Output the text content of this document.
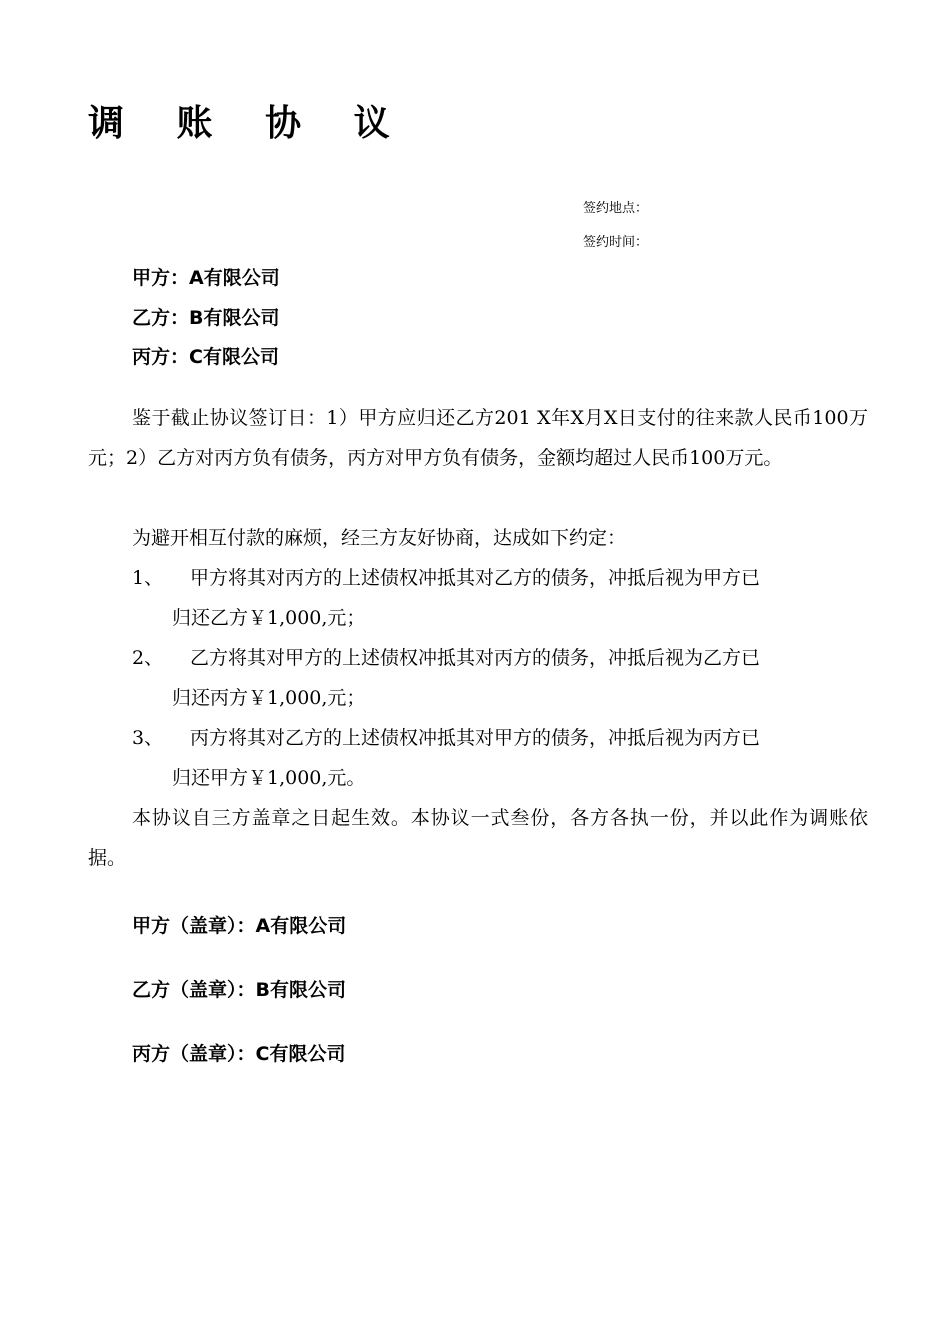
调 账 协 议
签约地点：
签约时间：
甲方：A有限公司
乙方：B有限公司
丙方：C有限公司
鉴于截止协议签订日：1）甲方应归还乙方201 X年X月X日支付的往来款人民币100万元；2）乙方对丙方负有债务，丙方对甲方负有债务，金额均超过人民币100万元。
为避开相互付款的麻烦，经三方友好协商，达成如下约定：
1、	甲方将其对丙方的上述债权冲抵其对乙方的债务，冲抵后视为甲方已
归还乙方￥1,000,元；
2、	乙方将其对甲方的上述债权冲抵其对丙方的债务，冲抵后视为乙方已
归还丙方￥1,000,元；
3、	丙方将其对乙方的上述债权冲抵其对甲方的债务，冲抵后视为丙方已
归还甲方￥1,000,元。
本协议自三方盖章之日起生效。本协议一式叁份，各方各执一份，并以此作为调账依据。
甲方（盖章）：A有限公司
乙方（盖章）：B有限公司
丙方（盖章）：C有限公司
